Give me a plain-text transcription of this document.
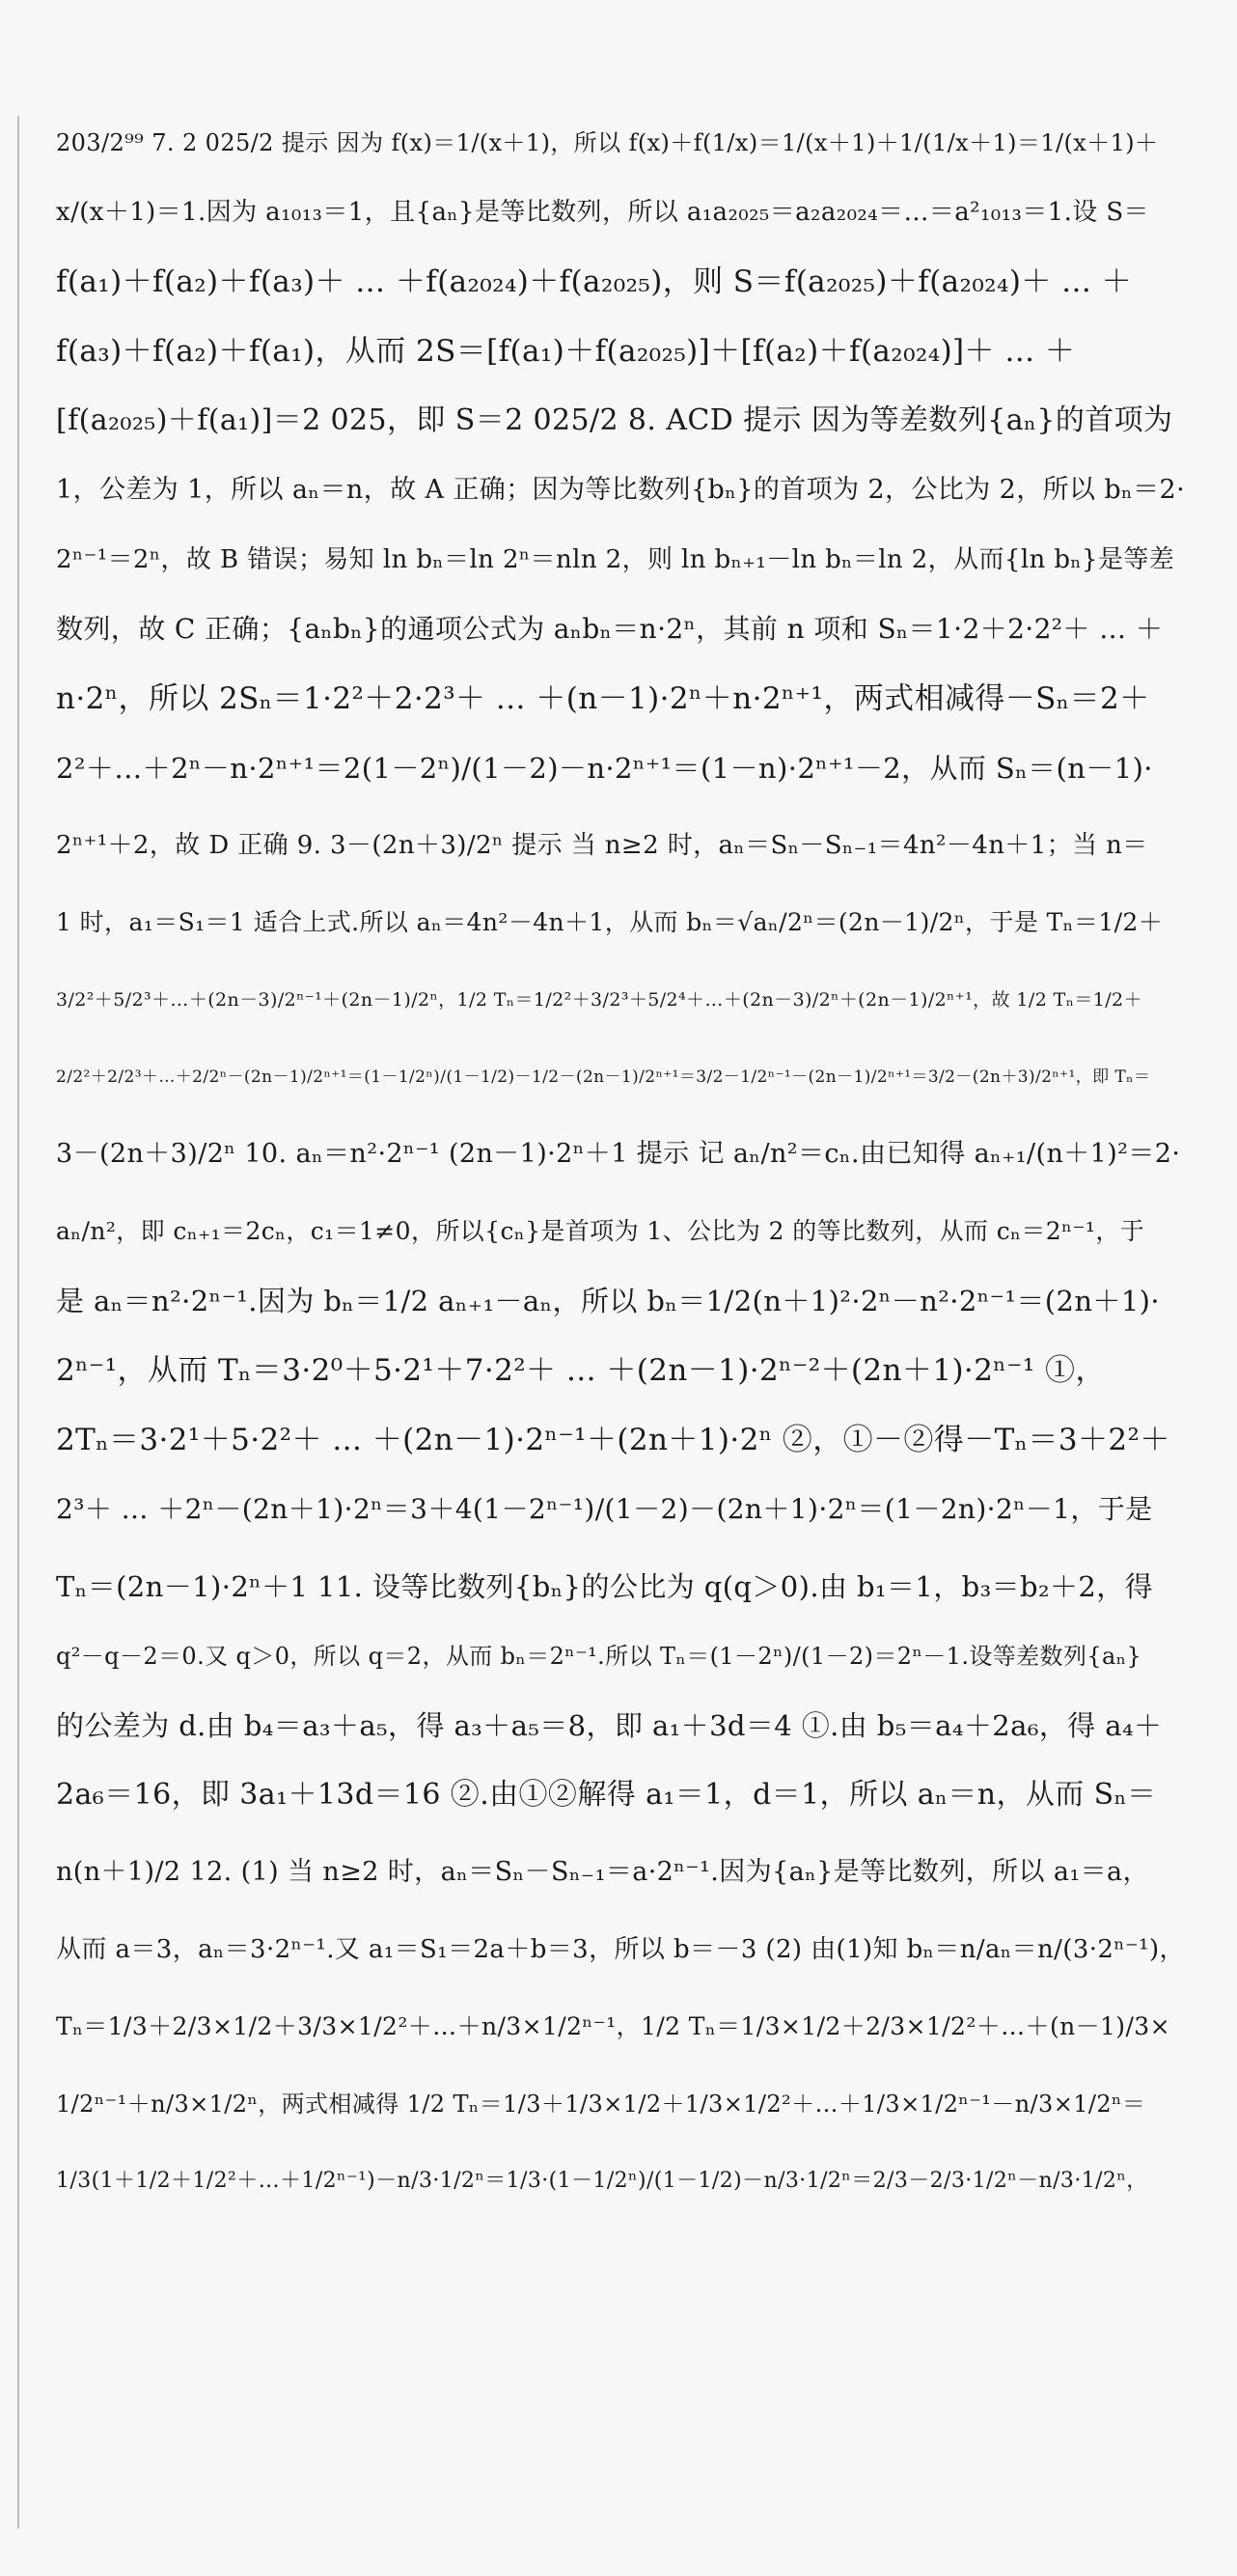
203/2⁹⁹ 7. 2 025/2 提示 因为 f(x)＝1/(x＋1)，所以 f(x)＋f(1/x)＝1/(x＋1)＋1/(1/x＋1)＝1/(x＋1)＋
x/(x＋1)＝1.因为 a₁₀₁₃＝1，且{aₙ}是等比数列，所以 a₁a₂₀₂₅＝a₂a₂₀₂₄＝…＝a²₁₀₁₃＝1.设 S＝
f(a₁)＋f(a₂)＋f(a₃)＋ … ＋f(a₂₀₂₄)＋f(a₂₀₂₅)，则 S＝f(a₂₀₂₅)＋f(a₂₀₂₄)＋ … ＋
f(a₃)＋f(a₂)＋f(a₁)，从而 2S＝[f(a₁)＋f(a₂₀₂₅)]＋[f(a₂)＋f(a₂₀₂₄)]＋ … ＋
[f(a₂₀₂₅)＋f(a₁)]＝2 025，即 S＝2 025/2 8. ACD 提示 因为等差数列{aₙ}的首项为
1，公差为 1，所以 aₙ＝n，故 A 正确；因为等比数列{bₙ}的首项为 2，公比为 2，所以 bₙ＝2·
2ⁿ⁻¹＝2ⁿ，故 B 错误；易知 ln bₙ＝ln 2ⁿ＝nln 2，则 ln bₙ₊₁－ln bₙ＝ln 2，从而{ln bₙ}是等差
数列，故 C 正确；{aₙbₙ}的通项公式为 aₙbₙ＝n·2ⁿ，其前 n 项和 Sₙ＝1·2＋2·2²＋ … ＋
n·2ⁿ，所以 2Sₙ＝1·2²＋2·2³＋ … ＋(n－1)·2ⁿ＋n·2ⁿ⁺¹，两式相减得－Sₙ＝2＋
2²＋…＋2ⁿ－n·2ⁿ⁺¹＝2(1－2ⁿ)/(1－2)－n·2ⁿ⁺¹＝(1－n)·2ⁿ⁺¹－2，从而 Sₙ＝(n－1)·
2ⁿ⁺¹＋2，故 D 正确 9. 3－(2n＋3)/2ⁿ 提示 当 n≥2 时，aₙ＝Sₙ－Sₙ₋₁＝4n²－4n＋1；当 n＝
1 时，a₁＝S₁＝1 适合上式.所以 aₙ＝4n²－4n＋1，从而 bₙ＝√aₙ/2ⁿ＝(2n－1)/2ⁿ，于是 Tₙ＝1/2＋
3/2²＋5/2³＋…＋(2n－3)/2ⁿ⁻¹＋(2n－1)/2ⁿ，1/2 Tₙ＝1/2²＋3/2³＋5/2⁴＋…＋(2n－3)/2ⁿ＋(2n－1)/2ⁿ⁺¹，故 1/2 Tₙ＝1/2＋
2/2²＋2/2³＋…＋2/2ⁿ－(2n－1)/2ⁿ⁺¹＝(1－1/2ⁿ)/(1－1/2)－1/2－(2n－1)/2ⁿ⁺¹＝3/2－1/2ⁿ⁻¹－(2n－1)/2ⁿ⁺¹＝3/2－(2n＋3)/2ⁿ⁺¹，即 Tₙ＝
3－(2n＋3)/2ⁿ 10. aₙ＝n²·2ⁿ⁻¹ (2n－1)·2ⁿ＋1 提示 记 aₙ/n²＝cₙ.由已知得 aₙ₊₁/(n＋1)²＝2·
aₙ/n²，即 cₙ₊₁＝2cₙ，c₁＝1≠0，所以{cₙ}是首项为 1、公比为 2 的等比数列，从而 cₙ＝2ⁿ⁻¹，于
是 aₙ＝n²·2ⁿ⁻¹.因为 bₙ＝1/2 aₙ₊₁－aₙ，所以 bₙ＝1/2(n＋1)²·2ⁿ－n²·2ⁿ⁻¹＝(2n＋1)·
2ⁿ⁻¹，从而 Tₙ＝3·2⁰＋5·2¹＋7·2²＋ … ＋(2n－1)·2ⁿ⁻²＋(2n＋1)·2ⁿ⁻¹ ①，
2Tₙ＝3·2¹＋5·2²＋ … ＋(2n－1)·2ⁿ⁻¹＋(2n＋1)·2ⁿ ②，①－②得－Tₙ＝3＋2²＋
2³＋ … ＋2ⁿ－(2n＋1)·2ⁿ＝3＋4(1－2ⁿ⁻¹)/(1－2)－(2n＋1)·2ⁿ＝(1－2n)·2ⁿ－1，于是
Tₙ＝(2n－1)·2ⁿ＋1 11. 设等比数列{bₙ}的公比为 q(q＞0).由 b₁＝1，b₃＝b₂＋2，得
q²－q－2＝0.又 q＞0，所以 q＝2，从而 bₙ＝2ⁿ⁻¹.所以 Tₙ＝(1－2ⁿ)/(1－2)＝2ⁿ－1.设等差数列{aₙ}
的公差为 d.由 b₄＝a₃＋a₅，得 a₃＋a₅＝8，即 a₁＋3d＝4 ①.由 b₅＝a₄＋2a₆，得 a₄＋
2a₆＝16，即 3a₁＋13d＝16 ②.由①②解得 a₁＝1，d＝1，所以 aₙ＝n，从而 Sₙ＝
n(n＋1)/2 12. (1) 当 n≥2 时，aₙ＝Sₙ－Sₙ₋₁＝a·2ⁿ⁻¹.因为{aₙ}是等比数列，所以 a₁＝a，
从而 a＝3，aₙ＝3·2ⁿ⁻¹.又 a₁＝S₁＝2a＋b＝3，所以 b＝－3 (2) 由(1)知 bₙ＝n/aₙ＝n/(3·2ⁿ⁻¹)，
Tₙ＝1/3＋2/3×1/2＋3/3×1/2²＋…＋n/3×1/2ⁿ⁻¹，1/2 Tₙ＝1/3×1/2＋2/3×1/2²＋…＋(n－1)/3×
1/2ⁿ⁻¹＋n/3×1/2ⁿ，两式相减得 1/2 Tₙ＝1/3＋1/3×1/2＋1/3×1/2²＋…＋1/3×1/2ⁿ⁻¹－n/3×1/2ⁿ＝
1/3(1＋1/2＋1/2²＋…＋1/2ⁿ⁻¹)－n/3·1/2ⁿ＝1/3·(1－1/2ⁿ)/(1－1/2)－n/3·1/2ⁿ＝2/3－2/3·1/2ⁿ－n/3·1/2ⁿ，
